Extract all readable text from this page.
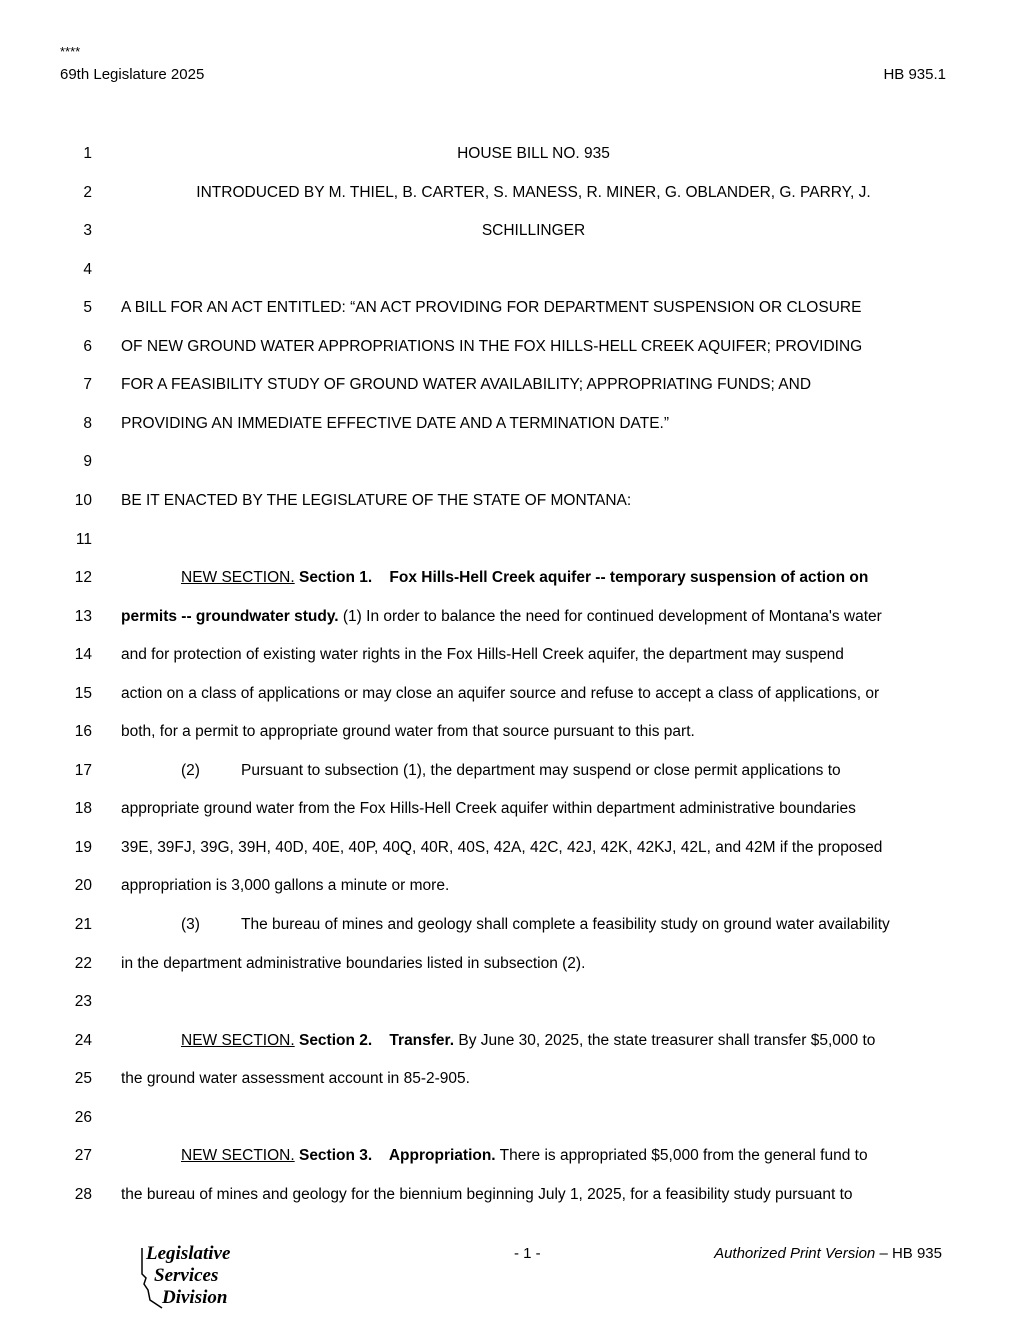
****
69th Legislature 2025	HB 935.1
1	HOUSE BILL NO. 935
2	INTRODUCED BY M. THIEL, B. CARTER, S. MANESS, R. MINER, G. OBLANDER, G. PARRY, J.
3	SCHILLINGER
4
5 A BILL FOR AN ACT ENTITLED: “AN ACT PROVIDING FOR DEPARTMENT SUSPENSION OR CLOSURE
6 OF NEW GROUND WATER APPROPRIATIONS IN THE FOX HILLS-HELL CREEK AQUIFER; PROVIDING
7 FOR A FEASIBILITY STUDY OF GROUND WATER AVAILABILITY; APPROPRIATING FUNDS; AND
8 PROVIDING AN IMMEDIATE EFFECTIVE DATE AND A TERMINATION DATE.”
9
10 BE IT ENACTED BY THE LEGISLATURE OF THE STATE OF MONTANA:
11
12	NEW SECTION. Section 1.    Fox Hills-Hell Creek aquifer -- temporary suspension of action on
13 permits -- groundwater study. (1) In order to balance the need for continued development of Montana's water
14 and for protection of existing water rights in the Fox Hills-Hell Creek aquifer, the department may suspend
15 action on a class of applications or may close an aquifer source and refuse to accept a class of applications, or
16 both, for a permit to appropriate ground water from that source pursuant to this part.
17	(2)	Pursuant to subsection (1), the department may suspend or close permit applications to
18 appropriate ground water from the Fox Hills-Hell Creek aquifer within department administrative boundaries
19 39E, 39FJ, 39G, 39H, 40D, 40E, 40P, 40Q, 40R, 40S, 42A, 42C, 42J, 42K, 42KJ, 42L, and 42M if the proposed
20 appropriation is 3,000 gallons a minute or more.
21	(3)	The bureau of mines and geology shall complete a feasibility study on ground water availability
22 in the department administrative boundaries listed in subsection (2).
23
24	NEW SECTION. Section 2.    Transfer. By June 30, 2025, the state treasurer shall transfer $5,000 to
25 the ground water assessment account in 85-2-905.
26
27	NEW SECTION. Section 3.    Appropriation. There is appropriated $5,000 from the general fund to
28 the bureau of mines and geology for the biennium beginning July 1, 2025, for a feasibility study pursuant to
Legislative
Services
Division
- 1 -	Authorized Print Version – HB 935
